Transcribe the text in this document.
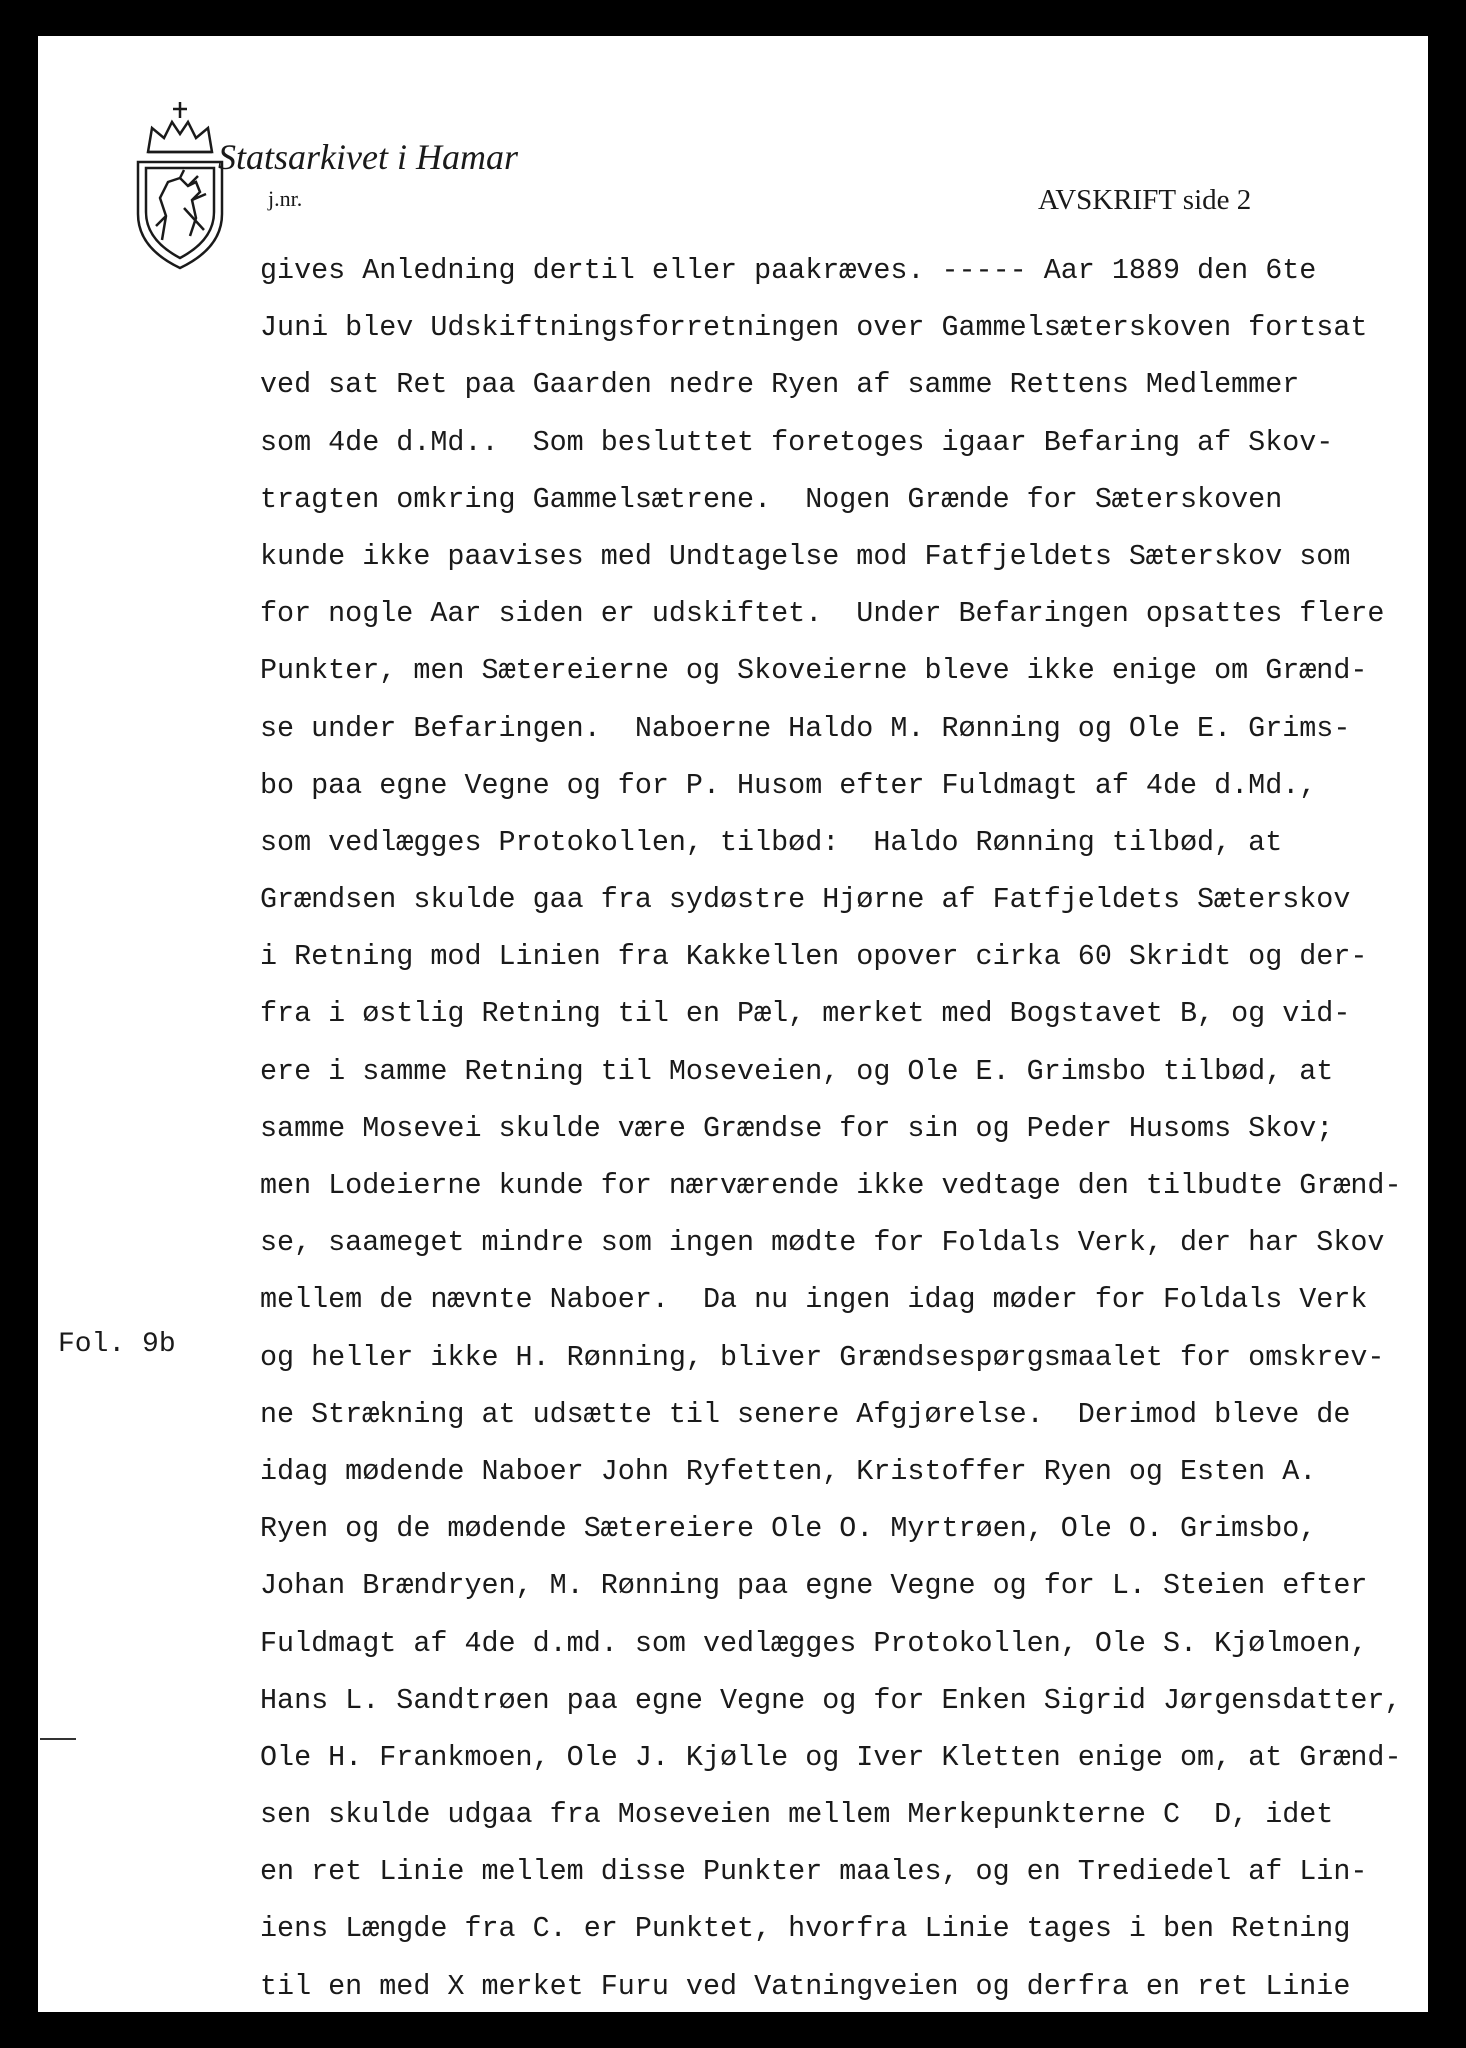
Statsarkivet i Hamar
j.nr.	AVSKRIFT side 2
Fol. 9b
gives Anledning dertil eller paakræves. ----- Aar 1889 den 6te
Juni blev Udskiftningsforretningen over Gammelsæterskoven fortsat
ved sat Ret paa Gaarden nedre Ryen af samme Rettens Medlemmer
som 4de d.Md..  Som besluttet foretoges igaar Befaring af Skov-
tragten omkring Gammelsætrene.  Nogen Grænde for Sæterskoven
kunde ikke paavises med Undtagelse mod Fatfjeldets Sæterskov som
for nogle Aar siden er udskiftet.  Under Befaringen opsattes flere
Punkter, men Sætereierne og Skoveierne bleve ikke enige om Grænd-
se under Befaringen.  Naboerne Haldo M. Rønning og Ole E. Grims-
bo paa egne Vegne og for P. Husom efter Fuldmagt af 4de d.Md.,
som vedlægges Protokollen, tilbød:  Haldo Rønning tilbød, at
Grændsen skulde gaa fra sydøstre Hjørne af Fatfjeldets Sæterskov
i Retning mod Linien fra Kakkellen opover cirka 60 Skridt og der-
fra i østlig Retning til en Pæl, merket med Bogstavet B, og vid-
ere i samme Retning til Moseveien, og Ole E. Grimsbo tilbød, at
samme Mosevei skulde være Grændse for sin og Peder Husoms Skov;
men Lodeierne kunde for nærværende ikke vedtage den tilbudte Grænd-
se, saameget mindre som ingen mødte for Foldals Verk, der har Skov
mellem de nævnte Naboer.  Da nu ingen idag møder for Foldals Verk
og heller ikke H. Rønning, bliver Grændsespørgsmaalet for omskrev-
ne Strækning at udsætte til senere Afgjørelse.  Derimod bleve de
idag mødende Naboer John Ryfetten, Kristoffer Ryen og Esten A.
Ryen og de mødende Sætereiere Ole O. Myrtrøen, Ole O. Grimsbo,
Johan Brændryen, M. Rønning paa egne Vegne og for L. Steien efter
Fuldmagt af 4de d.md. som vedlægges Protokollen, Ole S. Kjølmoen,
Hans L. Sandtrøen paa egne Vegne og for Enken Sigrid Jørgensdatter,
Ole H. Frankmoen, Ole J. Kjølle og Iver Kletten enige om, at Grænd-
sen skulde udgaa fra Moseveien mellem Merkepunkterne C  D, idet
en ret Linie mellem disse Punkter maales, og en Trediedel af Lin-
iens Længde fra C. er Punktet, hvorfra Linie tages i ben Retning
til en med X merket Furu ved Vatningveien og derfra en ret Linie
